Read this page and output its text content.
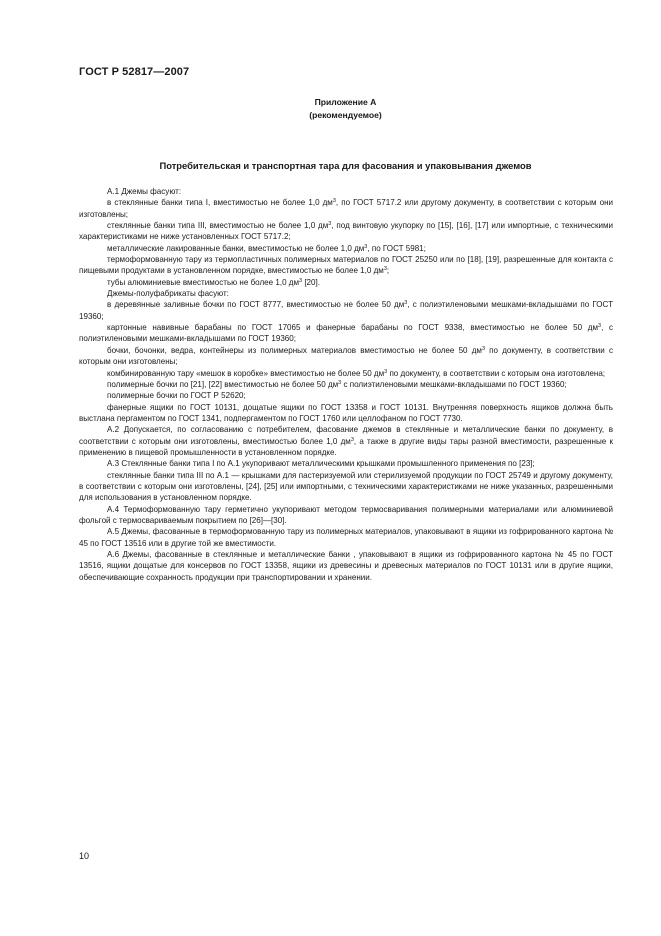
ГОСТ Р 52817—2007
Приложение А
(рекомендуемое)
Потребительская и транспортная тара для фасования и упаковывания джемов

А.1 Джемы фасуют:

в стеклянные банки типа I, вместимостью не более 1,0 $дм^3$, по ГОСТ 5717.2 или другому документу, в соответствии с которым они изготовлены;

стеклянные банки типа III, вместимостью не более 1,0 $дм^3$, под винтовую укупорку по [15], [16], [17] или импортные, с техническими характеристиками не ниже установленных ГОСТ 5717.2;

металлические лакированные банки, вместимостью не более 1,0 $дм^3$, по ГОСТ 5981;

термоформованную тару из термопластичных полимерных материалов по ГОСТ 25250 или по [18], [19], разрешенные для контакта с пищевыми продуктами в установленном порядке, вместимостью не более 1,0 $дм^3$;

тубы алюминиевые вместимостью не более 1,0 $дм^3$ [20].

Джемы-полуфабрикаты фасуют:

в деревянные заливные бочки по ГОСТ 8777, вместимостью не более 50 $дм^3$, с полиэтиленовыми мешками-вкладышами по ГОСТ 19360;

картонные навивные барабаны по ГОСТ 17065 и фанерные барабаны по ГОСТ 9338, вместимостью не более 50 $дм^3$, с полиэтиленовыми мешками-вкладышами по ГОСТ 19360;

бочки, бочонки, ведра, контейнеры из полимерных материалов вместимостью не более 50 $дм^3$ по документу, в соответствии с которым они изготовлены;

комбинированную тару «мешок в коробке» вместимостью не более 50 $дм^3$ по документу, в соответствии с которым она изготовлена;

полимерные бочки по [21], [22] вместимостью не более 50 $дм^3$ с полиэтиленовыми мешками-вкладышами по ГОСТ 19360;

полимерные бочки по ГОСТ Р 52620;

фанерные ящики по ГОСТ 10131, дощатые ящики по ГОСТ 13358 и ГОСТ 10131. Внутренняя поверхность ящиков должна быть выстлана пергаментом по ГОСТ 1341, подпергаментом по ГОСТ 1760 или целлофаном по ГОСТ 7730.

А.2 Допускается, по согласованию с потребителем, фасование джемов в стеклянные и металлические банки по документу, в соответствии с которым они изготовлены, вместимостью более 1,0 $дм^3$, а также в другие виды тары разной вместимости, разрешенные к применению в пищевой промышленности в установленном порядке.

А.3 Стеклянные банки типа I по А.1 укупоривают металлическими крышками промышленного применения по [23];

стеклянные банки типа III по А.1 — крышками для пастеризуемой или стерилизуемой продукции по ГОСТ 25749 и другому документу, в соответствии с которым они изготовлены, [24], [25] или импортными, с техническими характеристиками не ниже указанных, разрешенными для использования в установленном порядке.

А.4 Термоформованную тару герметично укупоривают методом термосваривания полимерными материалами или алюминиевой фольгой с термосвариваемым покрытием по [26]—[30].

А.5 Джемы, фасованные в термоформованную тару из полимерных материалов, упаковывают в ящики из гофрированного картона № 45 по ГОСТ 13516 или в другие той же вместимости.

А.6 Джемы, фасованные в стеклянные и металлические банки , упаковывают в ящики из гофрированного картона № 45 по ГОСТ 13516, ящики дощатые для консервов по ГОСТ 13358, ящики из древесины и древесных материалов по ГОСТ 10131 или в другие ящики, обеспечивающие сохранность продукции при транспортировании и хранении.

10
